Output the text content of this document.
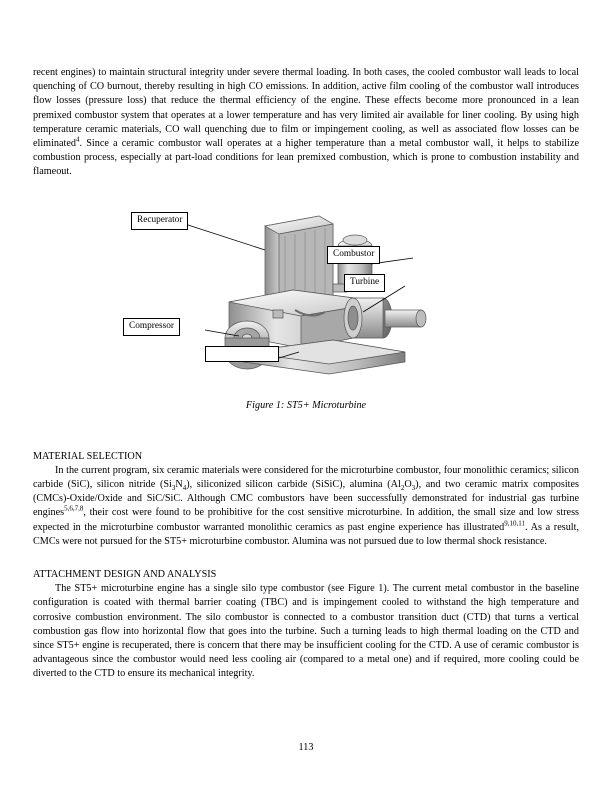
recent engines) to maintain structural integrity under severe thermal loading. In both cases, the cooled combustor wall leads to local quenching of CO burnout, thereby resulting in high CO emissions. In addition, active film cooling of the combustor wall introduces flow losses (pressure loss) that reduce the thermal efficiency of the engine. These effects become more pronounced in a lean premixed combustor system that operates at a lower temperature and has very limited air available for liner cooling. By using high temperature ceramic materials, CO wall quenching due to film or impingement cooling, as well as associated flow losses can be eliminated$^4$. Since a ceramic combustor wall operates at a higher temperature than a metal combustor wall, it helps to stabilize combustion process, especially at part-load conditions for lean premixed combustion, which is prone to combustion instability and flameout.

Recuperator
Combustor
Turbine
Compressor

Figure 1: ST5+ Microturbine

MATERIAL SELECTION

In the current program, six ceramic materials were considered for the microturbine combustor, four monolithic ceramics; silicon carbide (SiC), silicon nitride $(Si_3N_4)$, siliconized silicon carbide (SiSiC), alumina $(Al_2O_3)$, and two ceramic matrix composites (CMCs)-Oxide/Oxide and SiC/SiC. Although CMC combustors have been successfully demonstrated for industrial gas turbine engines$^{5,6,7,8}$, their cost were found to be prohibitive for the cost sensitive microturbine. In addition, the small size and low stress expected in the microturbine combustor warranted monolithic ceramics as past engine experience has illustrated$^{9,10,11}$. As a result, CMCs were not pursued for the ST5+ microturbine combustor. Alumina was not pursued due to low thermal shock resistance.

ATTACHMENT DESIGN AND ANALYSIS

The ST5+ microturbine engine has a single silo type combustor (see Figure 1). The current metal combustor in the baseline configuration is coated with thermal barrier coating (TBC) and is impingement cooled to withstand the high temperature and corrosive combustion environment. The silo combustor is connected to a combustor transition duct (CTD) that turns a vertical combustion gas flow into horizontal flow that goes into the turbine. Such a turning leads to high thermal loading on the CTD and since ST5+ engine is recuperated, there is concern that there may be insufficient cooling for the CTD. A use of ceramic combustor is advantageous since the combustor would need less cooling air (compared to a metal one) and if required, more cooling could be diverted to the CTD to ensure its mechanical integrity.

113
